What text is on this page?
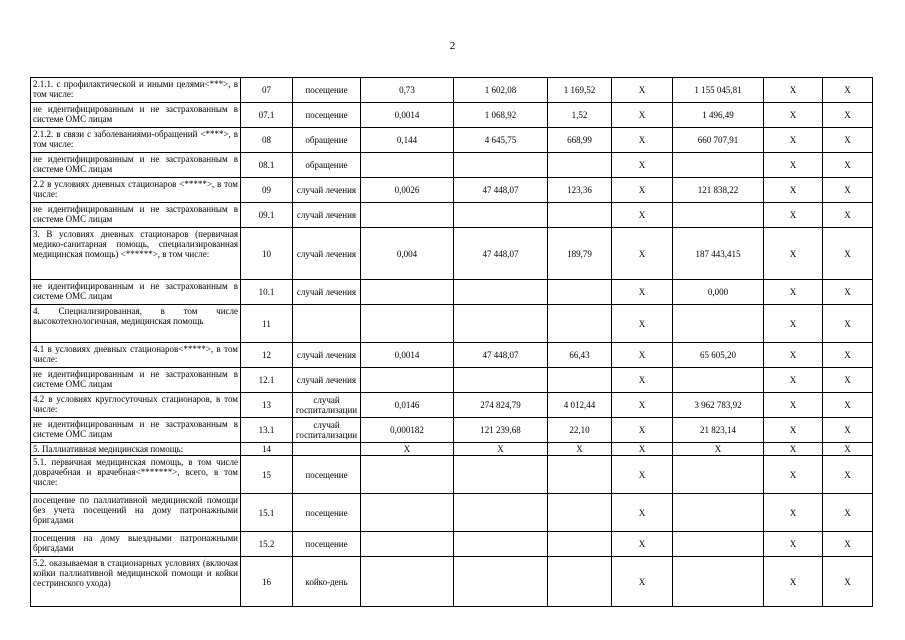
2
2.1.1. с профилактической и иными целями<***>, в том числе:	07	посещение	0,73	1 602,08	1 169,52	Х	1 155 045,81	Х	Х
не идентифицированным и не застрахованным в системе ОМС лицам	07.1	посещение	0,0014	1 068,92	1,52	Х	1 496,49	Х	Х
2.1.2. в связи с заболеваниями-обращений <****>, в том числе:	08	обращение	0,144	4 645,75	668,99	Х	660 707,91	Х	Х
не идентифицированным и не застрахованным в системе ОМС лицам	08.1	обращение				Х		Х	Х
2.2 в условиях дневных стационаров <*****>, в том числе:	09	случай лечения	0,0026	47 448,07	123,36	Х	121 838,22	Х	Х
не идентифицированным и не застрахованным в системе ОМС лицам	09.1	случай лечения				Х		Х	Х
3. В условиях дневных стационаров (первичная медико-санитарная помощь, специализированная медицинская помощь) <******>, в том числе:	10	случай лечения	0,004	47 448,07	189,79	Х	187 443,415	Х	Х
не идентифицированным и не застрахованным в системе ОМС лицам	10.1	случай лечения				Х	0,000	Х	Х
4. Специализированная, в том числе высокотехнологичная, медицинская помощь	11					Х		Х	Х
4.1 в условиях дневных стационаров<*****>, в том числе:	12	случай лечения	0,0014	47 448,07	66,43	Х	65 605,20	Х	Х
не идентифицированным и не застрахованным в системе ОМС лицам	12.1	случай лечения				Х		Х	Х
4.2 в условиях круглосуточных стационаров, в том числе:	13	случай госпитализации	0,0146	274 824,79	4 012,44	Х	3 962 783,92	Х	Х
не идентифицированным и не застрахованным в системе ОМС лицам	13.1	случай госпитализации	0,000182	121 239,68	22,10	Х	21 823,14	Х	Х
5. Паллиативная медицинская помощь:	14		Х	Х	Х	Х	Х	Х	Х
5.1. первичная медицинская помощь, в том числе доврачебная и врачебная<*******>, всего, в том числе:	15	посещение				Х		Х	Х
посещение по паллиативной медицинской помощи без учета посещений на дому патронажными бригадами	15.1	посещение				Х		Х	Х
посещения на дому выездными патронажными бригадами	15.2	посещение				Х		Х	Х
5.2. оказываемая в стационарных условиях (включая койки паллиативной медицинской помощи и койки сестринского ухода)	16	койко-день				Х		Х	Х
